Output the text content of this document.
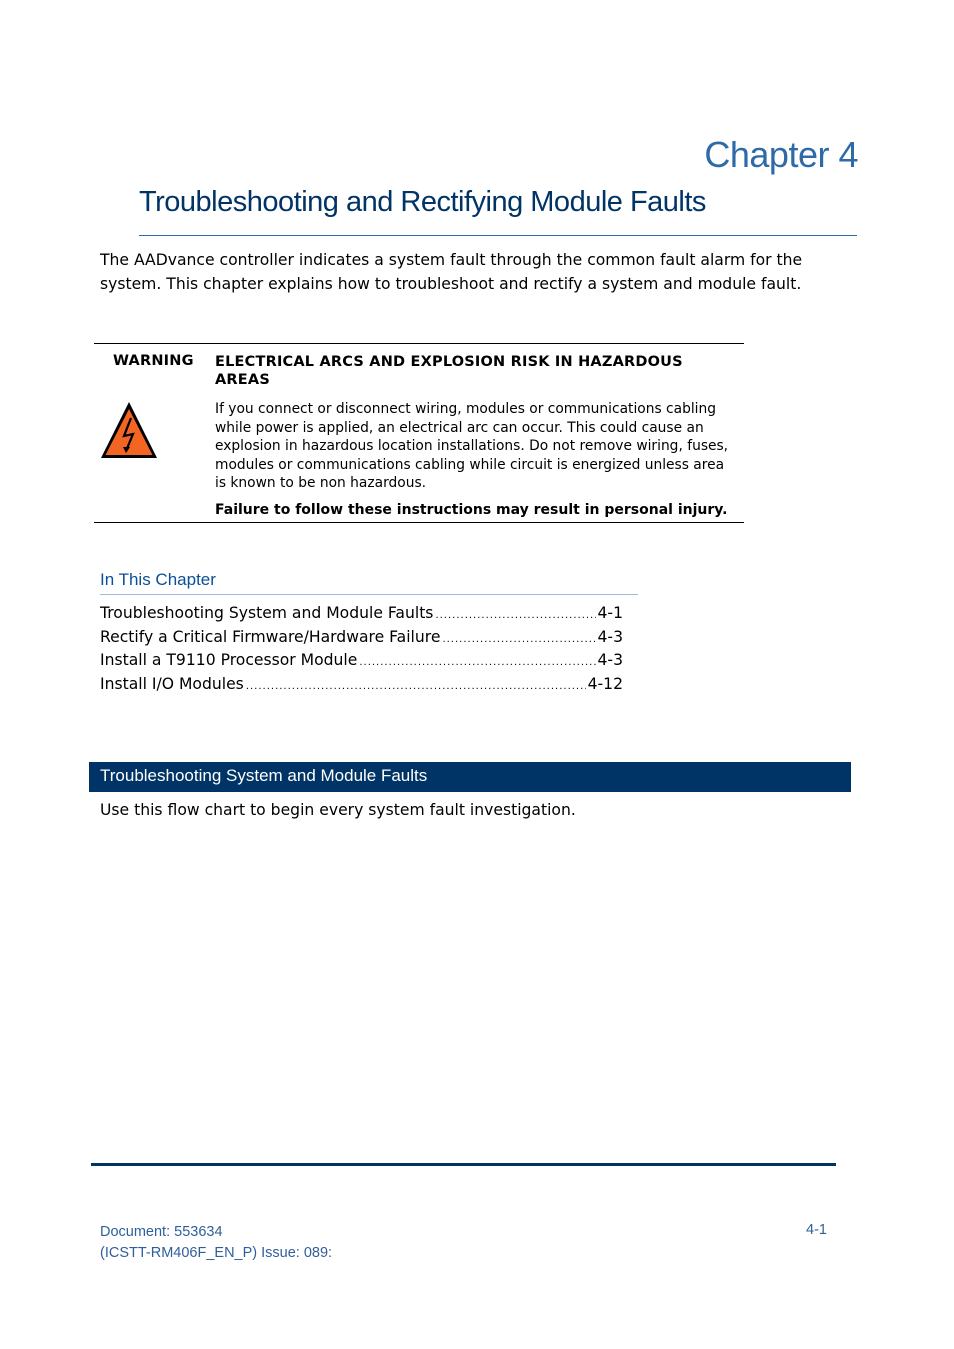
Chapter 4
Troubleshooting and Rectifying Module Faults

The AADvance controller indicates a system fault through the common fault alarm for the system. This chapter explains how to troubleshoot and rectify a system and module fault.

WARNING ELECTRICAL ARCS AND EXPLOSION RISK IN HAZARDOUS AREAS
If you connect or disconnect wiring, modules or communications cabling while power is applied, an electrical arc can occur. This could cause an explosion in hazardous location installations. Do not remove wiring, fuses, modules or communications cabling while circuit is energized unless area is known to be non hazardous.
Failure to follow these instructions may result in personal injury.
In This Chapter
Troubleshooting System and Module Faults .....	4-1
Rectify a Critical Firmware/Hardware Failure .....	4-3
Install a T9110 Processor Module .....	4-3
Install I/O Modules .....	4-12
Troubleshooting System and Module Faults
Use this flow chart to begin every system fault investigation.
Document: 553634
(ICSTT-RM406F_EN_P) Issue: 089:
4-1
